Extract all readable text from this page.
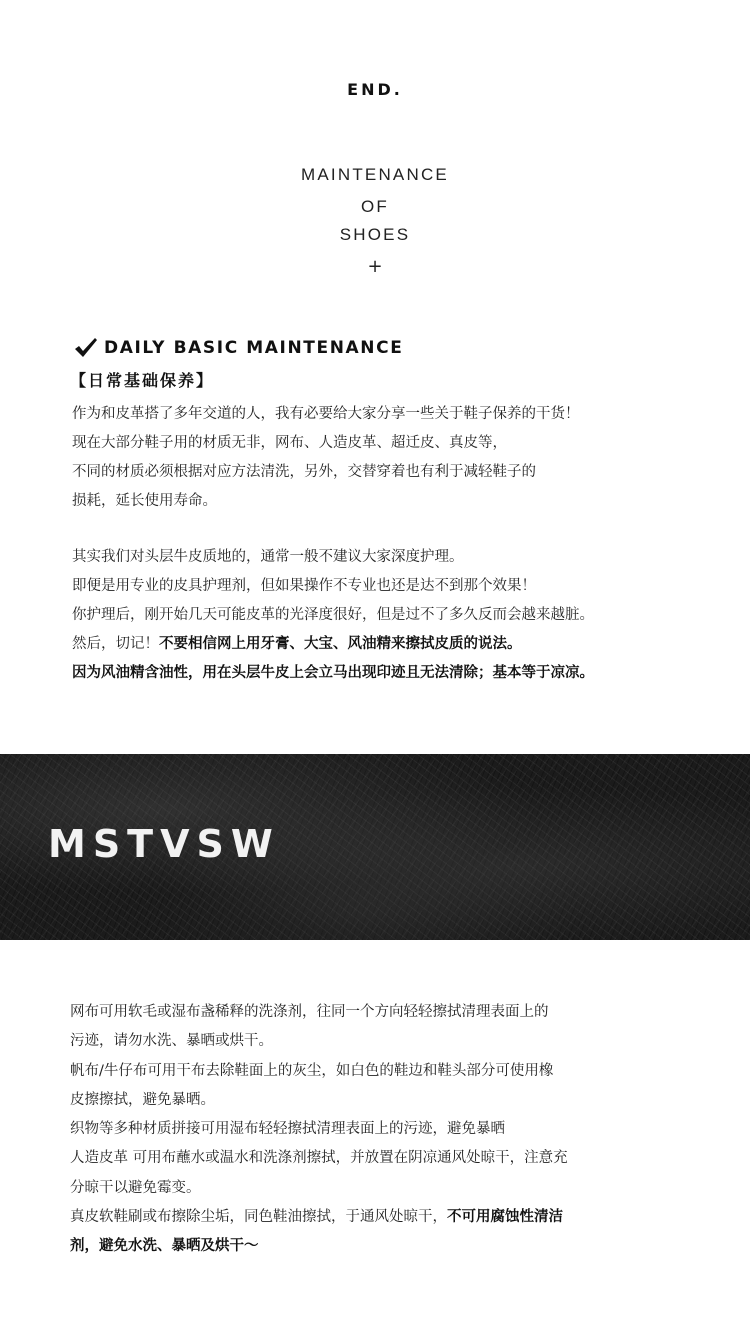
END.
MAINTENANCE
OF
SHOES
+
DAILY BASIC MAINTENANCE
【日常基础保养】
作为和皮革搭了多年交道的人，我有必要给大家分享一些关于鞋子保养的干货！
现在大部分鞋子用的材质无非，网布、人造皮革、超迁皮、真皮等，
不同的材质必须根据对应方法清洗，另外，交替穿着也有利于减轻鞋子的
损耗，延长使用寿命。
其实我们对头层牛皮质地的，通常一般不建议大家深度护理。
即便是用专业的皮具护理剂，但如果操作不专业也还是达不到那个效果！
你护理后，刚开始几天可能皮革的光泽度很好，但是过不了多久反而会越来越脏。
然后，切记！不要相信网上用牙膏、大宝、风油精来擦拭皮质的说法。
因为风油精含油性，用在头层牛皮上会立马出现印迹且无法清除；基本等于凉凉。
MSTVSW
网布可用软毛或湿布盏稀释的洗涤剂，往同一个方向轻轻擦拭清理表面上的
污迹，请勿水洗、暴晒或烘干。
帆布/牛仔布可用干布去除鞋面上的灰尘，如白色的鞋边和鞋头部分可使用橡
皮擦擦拭，避免暴晒。
织物等多种材质拼接可用湿布轻轻擦拭清理表面上的污迹，避免暴晒
人造皮革 可用布蘸水或温水和洗涤剂擦拭，并放置在阴凉通风处晾干，注意充
分晾干以避免霉变。
真皮软鞋刷或布擦除尘垢，同色鞋油擦拭，于通风处晾干，不可用腐蚀性清洁
剂，避免水洗、暴晒及烘干～
